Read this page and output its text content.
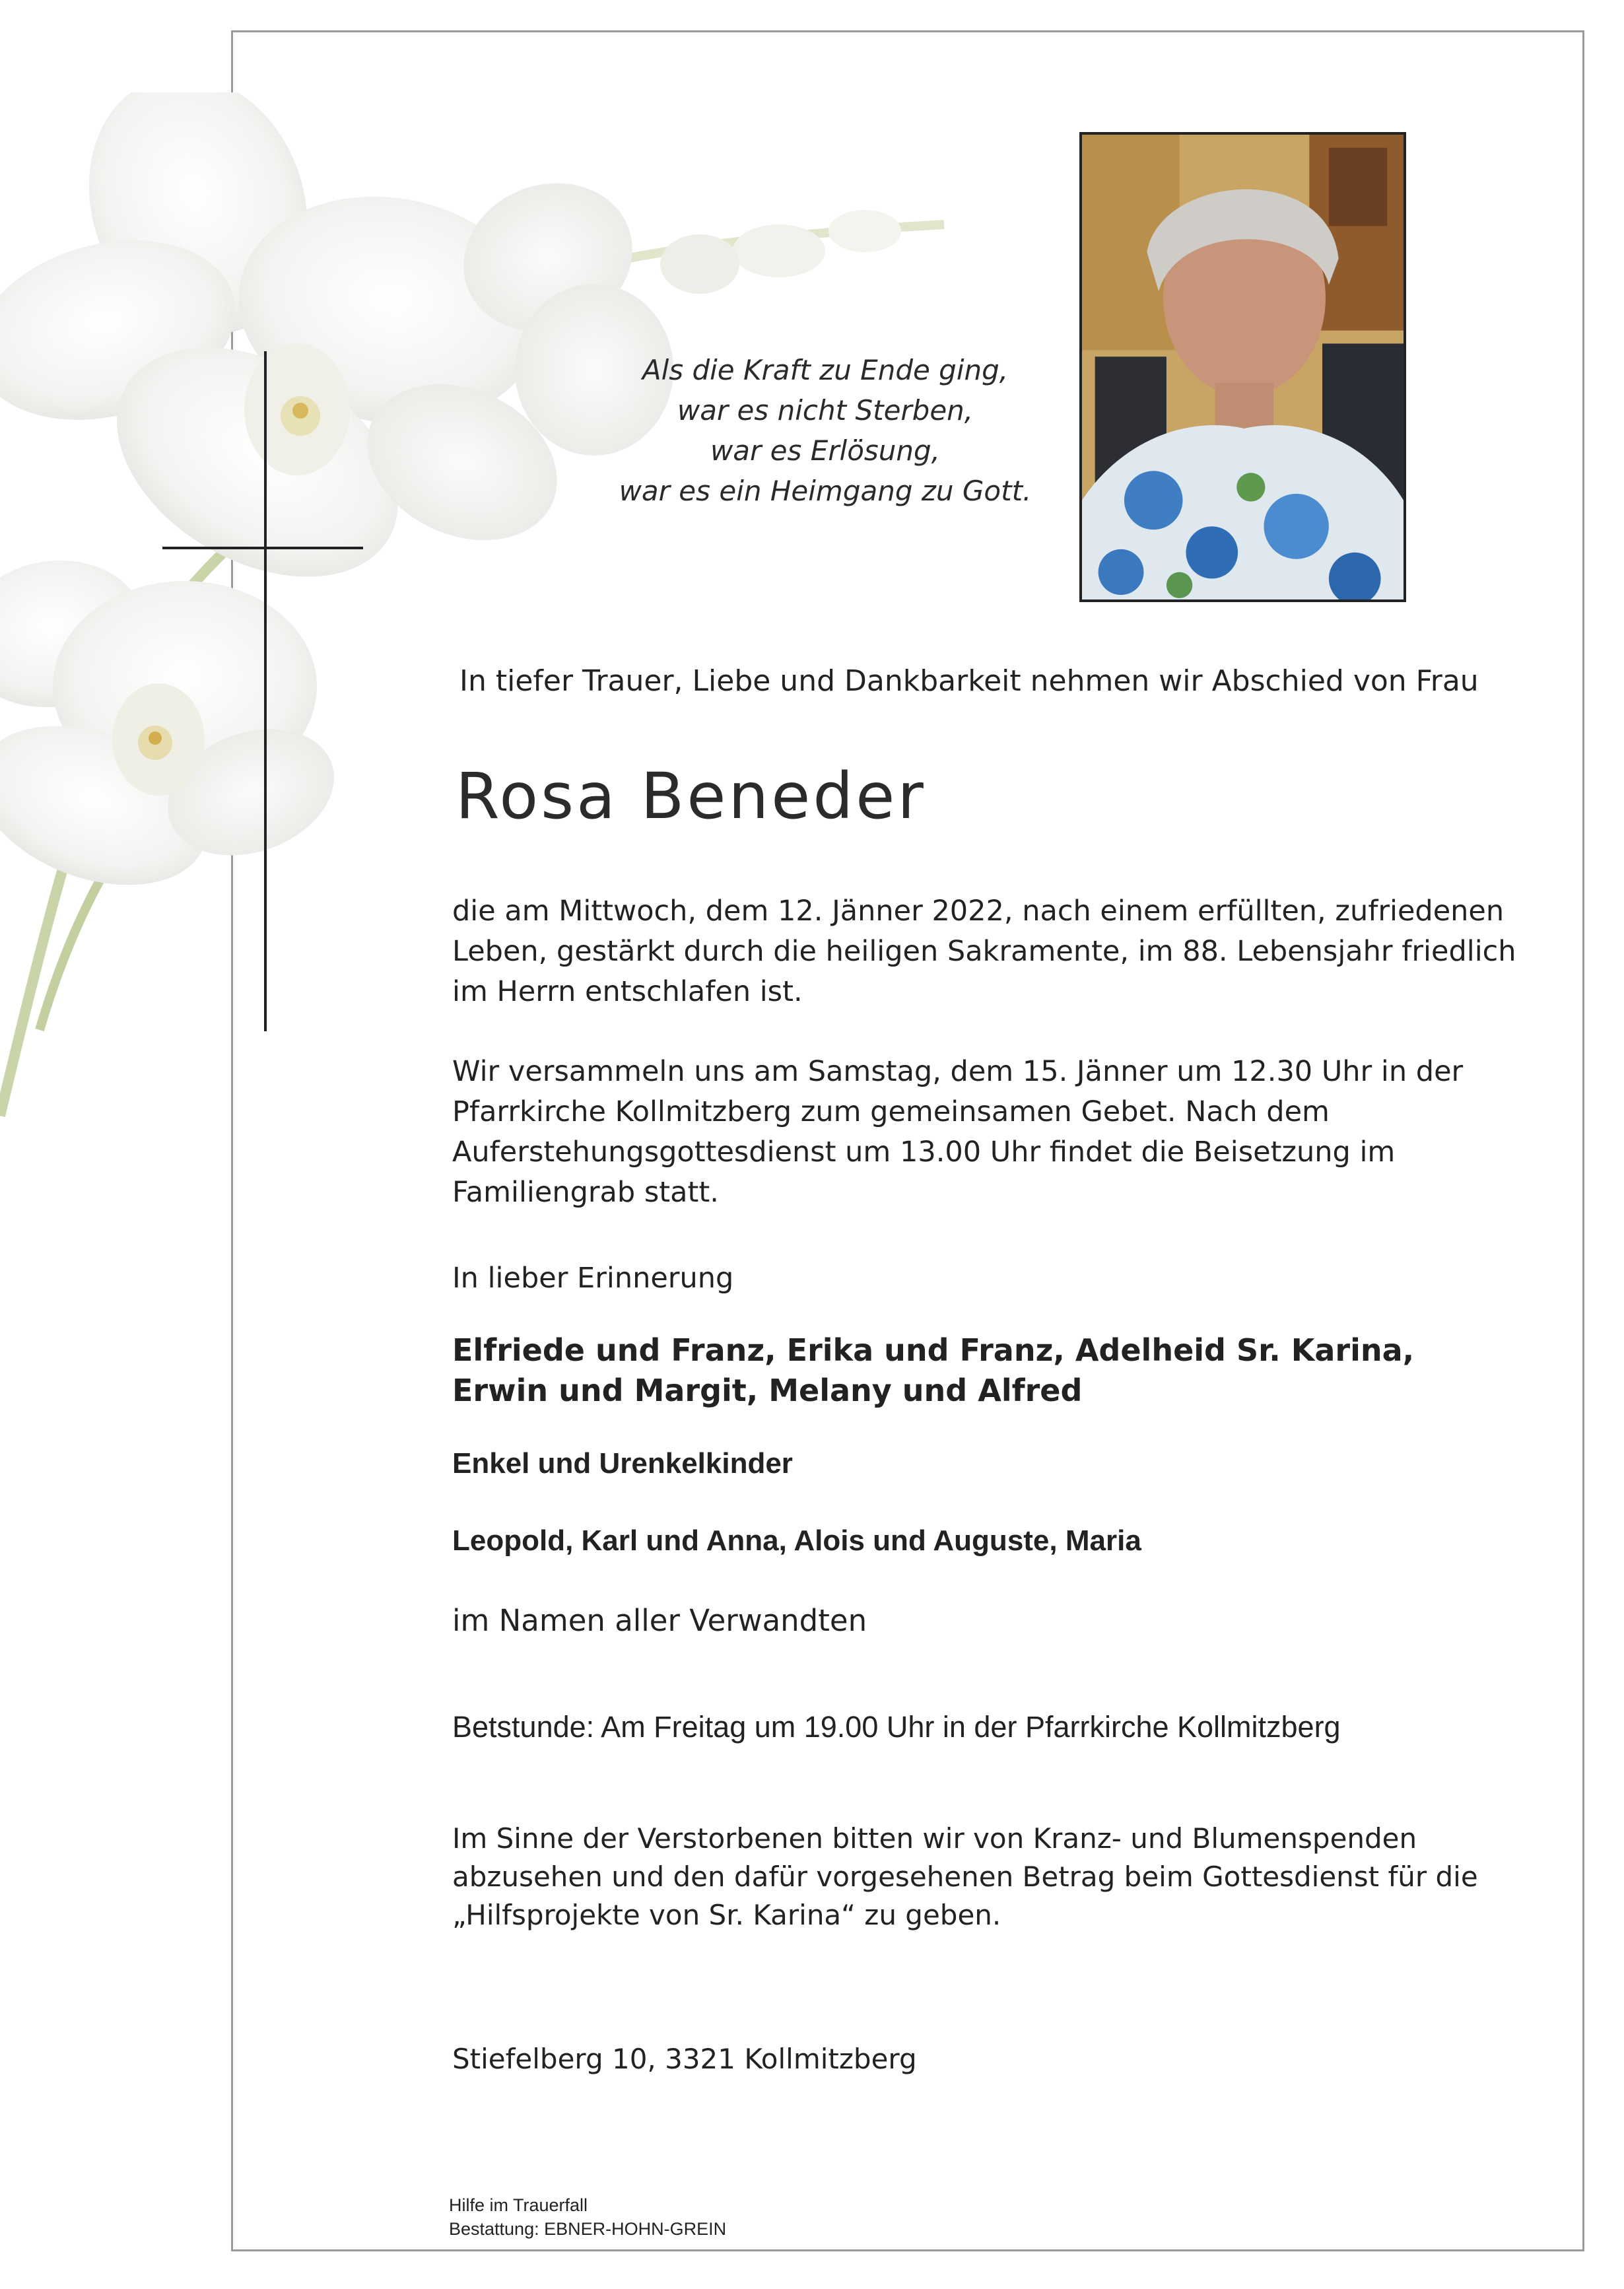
Als die Kraft zu Ende ging,
war es nicht Sterben,
war es Erlösung,
war es ein Heimgang zu Gott.
In tiefer Trauer, Liebe und Dankbarkeit nehmen wir Abschied von Frau
Rosa Beneder
die am Mittwoch, dem 12. Jänner 2022, nach einem erfüllten, zufriedenen
Leben, gestärkt durch die heiligen Sakramente, im 88. Lebensjahr friedlich
im Herrn entschlafen ist.
Wir versammeln uns am Samstag, dem 15. Jänner um 12.30 Uhr in der
Pfarrkirche Kollmitzberg zum gemeinsamen Gebet. Nach dem
Auferstehungsgottesdienst um 13.00 Uhr findet die Beisetzung im
Familiengrab statt.
In lieber Erinnerung
Elfriede und Franz, Erika und Franz, Adelheid Sr. Karina,
Erwin und Margit, Melany und Alfred
Enkel und Urenkelkinder
Leopold, Karl und Anna, Alois und Auguste, Maria
im Namen aller Verwandten
Betstunde: Am Freitag um 19.00 Uhr in der Pfarrkirche Kollmitzberg
Im Sinne der Verstorbenen bitten wir von Kranz- und Blumenspenden
abzusehen und den dafür vorgesehenen Betrag beim Gottesdienst für die
„Hilfsprojekte von Sr. Karina“ zu geben.
Stiefelberg 10, 3321 Kollmitzberg
Hilfe im Trauerfall
Bestattung: EBNER-HOHN-GREIN
